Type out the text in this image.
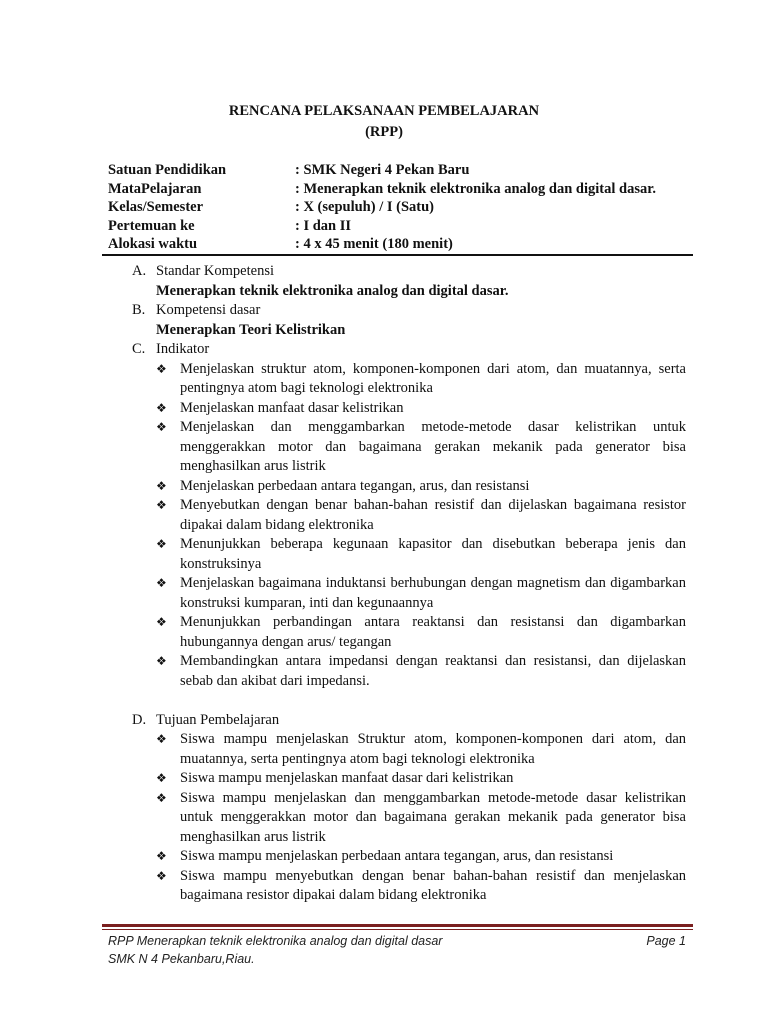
RENCANA PELAKSANAAN PEMBELAJARAN
(RPP)
Satuan Pendidikan	: SMK Negeri 4 Pekan Baru
MataPelajaran	: Menerapkan teknik elektronika analog dan digital dasar.
Kelas/Semester	: X (sepuluh) / I (Satu)
Pertemuan ke	: I dan II
Alokasi waktu	: 4 x 45 menit (180 menit)
A. Standar Kompetensi
Menerapkan teknik elektronika analog dan digital dasar.
B. Kompetensi dasar
Menerapkan Teori Kelistrikan
C. Indikator
❖ Menjelaskan struktur atom, komponen-komponen dari atom, dan muatannya, serta pentingnya atom bagi teknologi elektronika
❖ Menjelaskan manfaat dasar kelistrikan
❖ Menjelaskan dan menggambarkan metode-metode dasar kelistrikan untuk menggerakkan motor dan bagaimana gerakan mekanik pada generator bisa menghasilkan arus listrik
❖ Menjelaskan perbedaan antara tegangan, arus, dan resistansi
❖ Menyebutkan dengan benar bahan-bahan resistif dan dijelaskan bagaimana resistor dipakai dalam bidang elektronika
❖ Menunjukkan beberapa kegunaan kapasitor dan disebutkan beberapa jenis dan konstruksinya
❖ Menjelaskan bagaimana induktansi berhubungan dengan magnetism dan digambarkan konstruksi kumparan, inti dan kegunaannya
❖ Menunjukkan perbandingan antara reaktansi dan resistansi dan digambarkan hubungannya dengan arus/ tegangan
❖ Membandingkan antara impedansi dengan reaktansi dan resistansi, dan dijelaskan sebab dan akibat dari impedansi.
D. Tujuan Pembelajaran
❖ Siswa mampu menjelaskan Struktur atom, komponen-komponen dari atom, dan muatannya, serta pentingnya atom bagi teknologi elektronika
❖ Siswa mampu menjelaskan manfaat dasar dari kelistrikan
❖ Siswa mampu menjelaskan dan menggambarkan metode-metode dasar kelistrikan untuk menggerakkan motor dan bagaimana gerakan mekanik pada generator bisa menghasilkan arus listrik
❖ Siswa mampu menjelaskan perbedaan antara tegangan, arus, dan resistansi
❖ Siswa mampu menyebutkan dengan benar bahan-bahan resistif dan menjelaskan bagaimana resistor dipakai dalam bidang elektronika
RPP Menerapkan teknik elektronika analog dan digital dasar	Page 1
SMK N 4 Pekanbaru,Riau.
